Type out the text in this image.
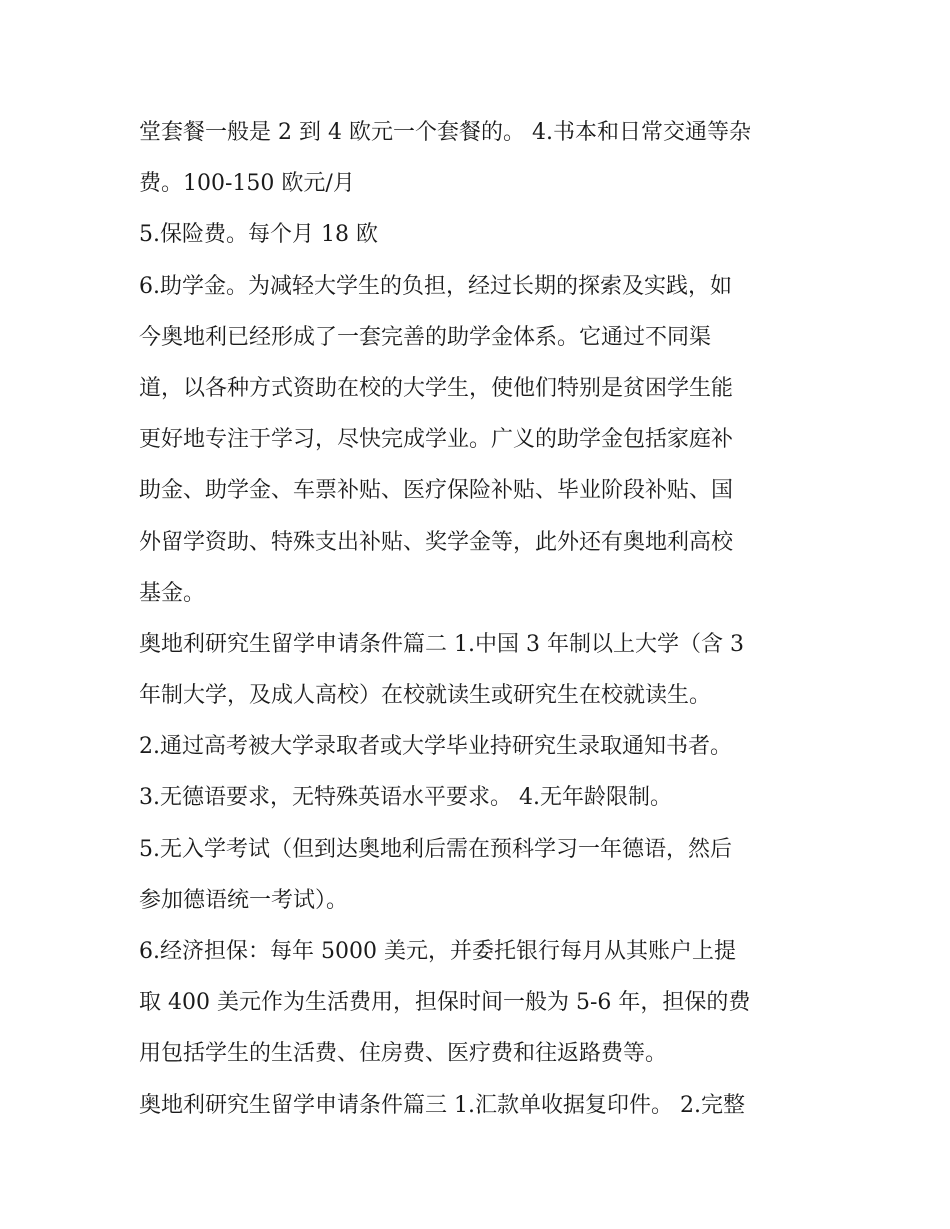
堂套餐一般是 2 到 4 欧元一个套餐的。 4.书本和日常交通等杂
费。100-150 欧元/月
5.保险费。每个月 18 欧
6.助学金。为减轻大学生的负担，经过长期的探索及实践，如
今奥地利已经形成了一套完善的助学金体系。它通过不同渠
道，以各种方式资助在校的大学生，使他们特别是贫困学生能
更好地专注于学习，尽快完成学业。广义的助学金包括家庭补
助金、助学金、车票补贴、医疗保险补贴、毕业阶段补贴、国
外留学资助、特殊支出补贴、奖学金等，此外还有奥地利高校
基金。
奥地利研究生留学申请条件篇二 1.中国 3 年制以上大学（含 3
年制大学，及成人高校）在校就读生或研究生在校就读生。
2.通过高考被大学录取者或大学毕业持研究生录取通知书者。
3.无德语要求，无特殊英语水平要求。 4.无年龄限制。
5.无入学考试（但到达奥地利后需在预科学习一年德语，然后
参加德语统一考试）。
6.经济担保：每年 5000 美元，并委托银行每月从其账户上提
取 400 美元作为生活费用，担保时间一般为 5-6 年，担保的费
用包括学生的生活费、住房费、医疗费和往返路费等。
奥地利研究生留学申请条件篇三 1.汇款单收据复印件。 2.完整
